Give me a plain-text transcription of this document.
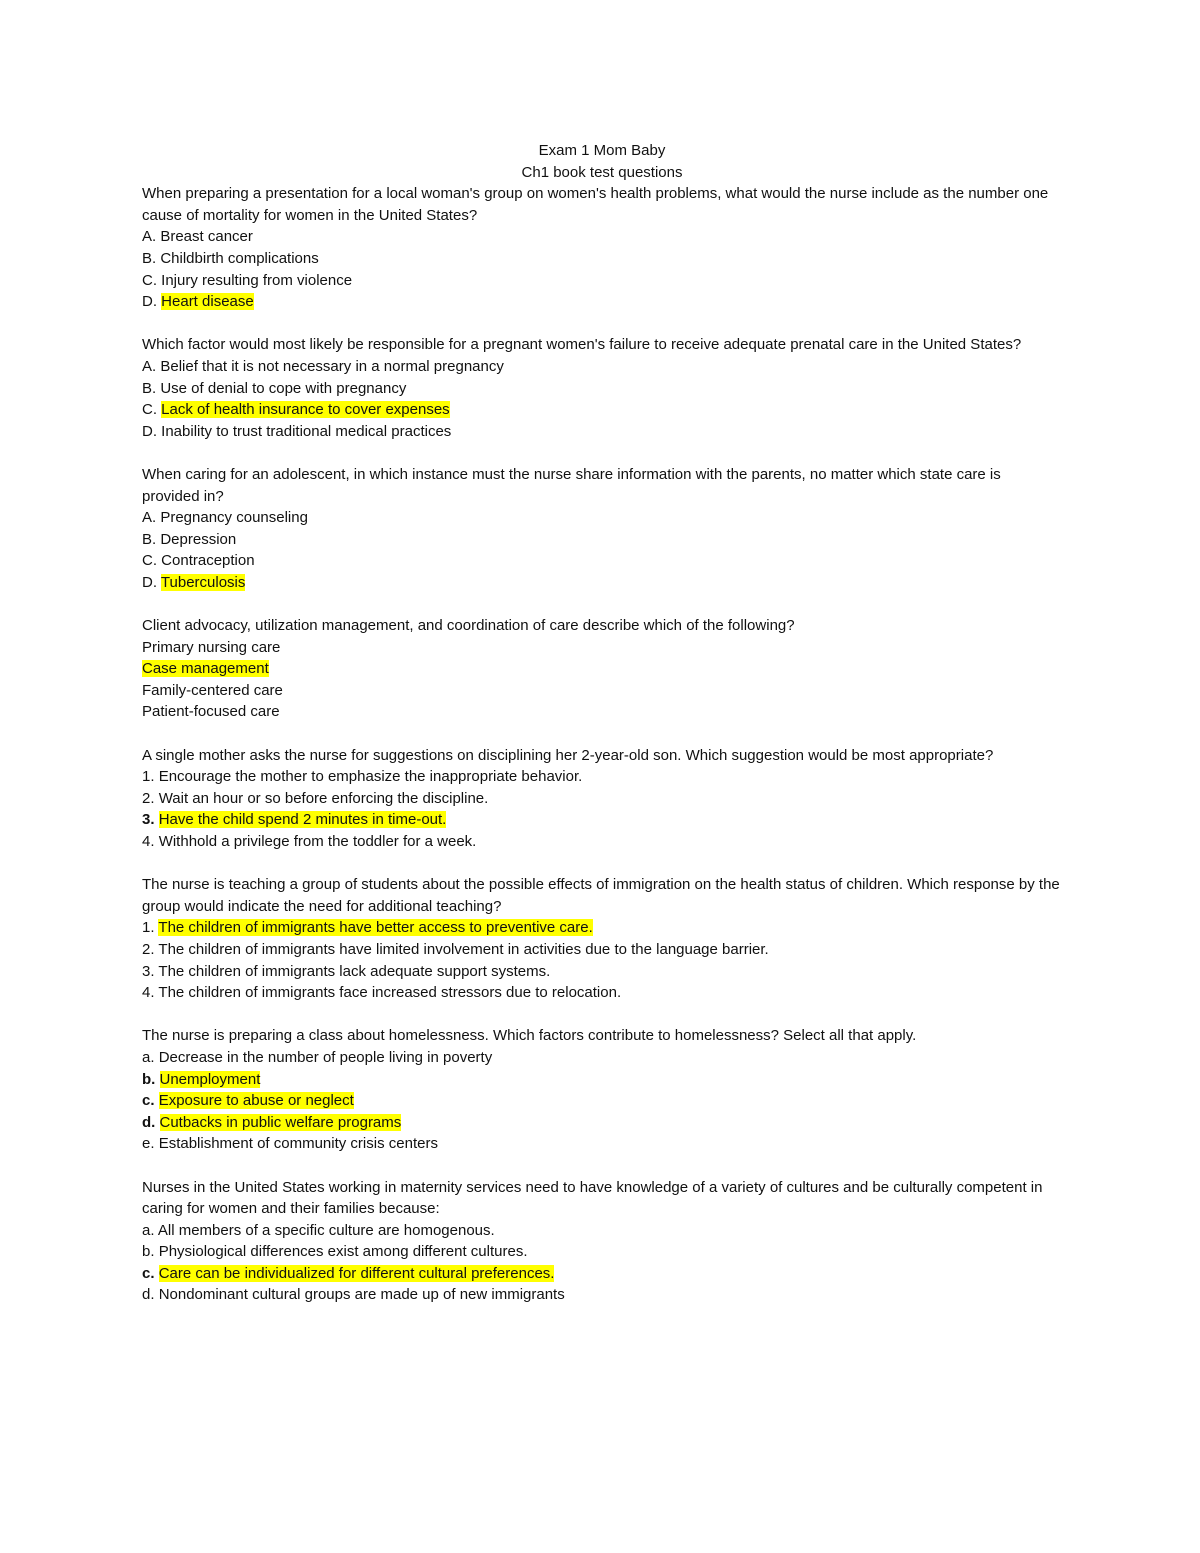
Exam 1 Mom Baby
Ch1 book test questions
When preparing a presentation for a local woman's group on women's health problems, what would the nurse include as the number one cause of mortality for women in the United States?
A. Breast cancer
B. Childbirth complications
C. Injury resulting from violence
D. Heart disease
Which factor would most likely be responsible for a pregnant women's failure to receive adequate prenatal care in the United States?
A. Belief that it is not necessary in a normal pregnancy
B. Use of denial to cope with pregnancy
C. Lack of health insurance to cover expenses
D. Inability to trust traditional medical practices
When caring for an adolescent, in which instance must the nurse share information with the parents, no matter which state care is provided in?
A. Pregnancy counseling
B. Depression
C. Contraception
D. Tuberculosis
Client advocacy, utilization management, and coordination of care describe which of the following?
Primary nursing care
Case management
Family-centered care
Patient-focused care
A single mother asks the nurse for suggestions on disciplining her 2-year-old son. Which suggestion would be most appropriate?
1. Encourage the mother to emphasize the inappropriate behavior.
2. Wait an hour or so before enforcing the discipline.
3. Have the child spend 2 minutes in time-out.
4. Withhold a privilege from the toddler for a week.
The nurse is teaching a group of students about the possible effects of immigration on the health status of children. Which response by the group would indicate the need for additional teaching?
1. The children of immigrants have better access to preventive care.
2. The children of immigrants have limited involvement in activities due to the language barrier.
3. The children of immigrants lack adequate support systems.
4. The children of immigrants face increased stressors due to relocation.
The nurse is preparing a class about homelessness. Which factors contribute to homelessness? Select all that apply.
a. Decrease in the number of people living in poverty
b. Unemployment
c. Exposure to abuse or neglect
d. Cutbacks in public welfare programs
e. Establishment of community crisis centers
Nurses in the United States working in maternity services need to have knowledge of a variety of cultures and be culturally competent in caring for women and their families because:
a. All members of a specific culture are homogenous.
b. Physiological differences exist among different cultures.
c. Care can be individualized for different cultural preferences.
d. Nondominant cultural groups are made up of new immigrants
